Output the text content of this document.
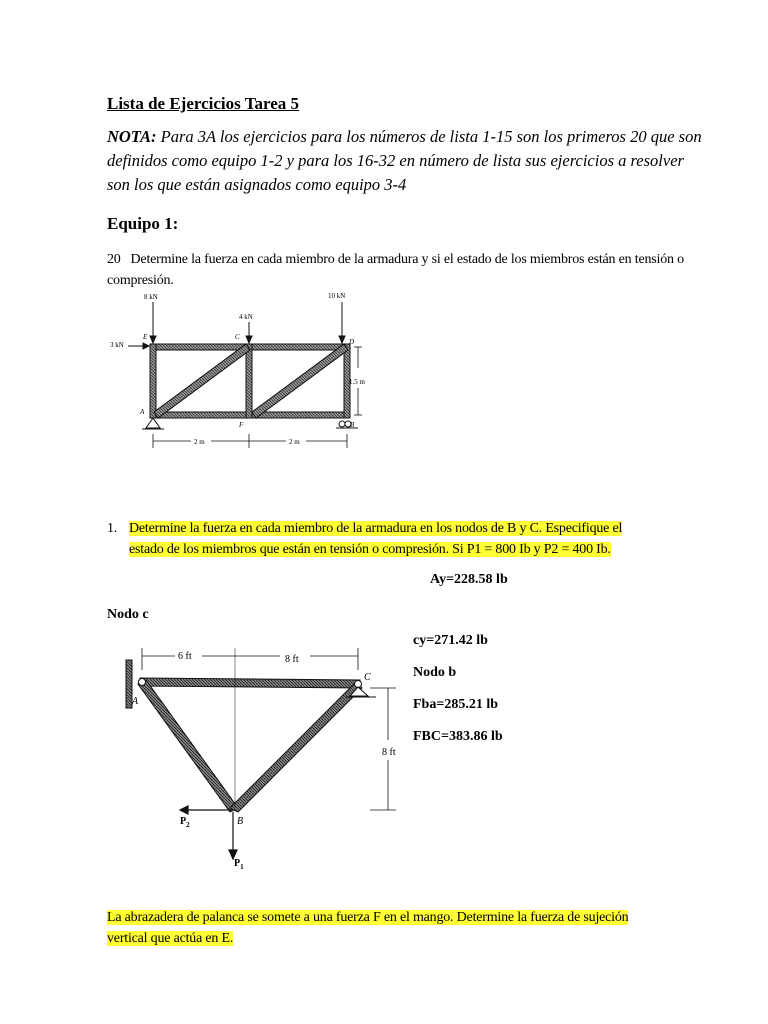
Lista de Ejercicios Tarea 5
NOTA: Para 3A los ejercicios para los números de lista 1-15 son los primeros 20 que son definidos como equipo 1-2 y para los 16-32 en número de lista sus ejercicios a resolver son los que están asignados como equipo 3-4
Equipo 1:
20 Determine la fuerza en cada miembro de la armadura y si el estado de los miembros están en tensión o compresión.
8 kN
4 kN
10 kN
3 kN
E	C
D
A
F	B
1.5 m
2 m	2 m
1. Determine la fuerza en cada miembro de la armadura en los nodos de B y C. Especifique el estado de los miembros que están en tensión o compresión. Si P1 = 800 Ib y P2 = 400 Ib.
Ay=228.58 lb
Nodo c
cy=271.42 lb
Nodo b
Fba=285.21 lb
FBC=383.86 lb
6 ft	8 ft
8 ft
A
C
B
$P_2$
$P_1$
La abrazadera de palanca se somete a una fuerza F en el mango. Determine la fuerza de sujeción vertical que actúa en E.
